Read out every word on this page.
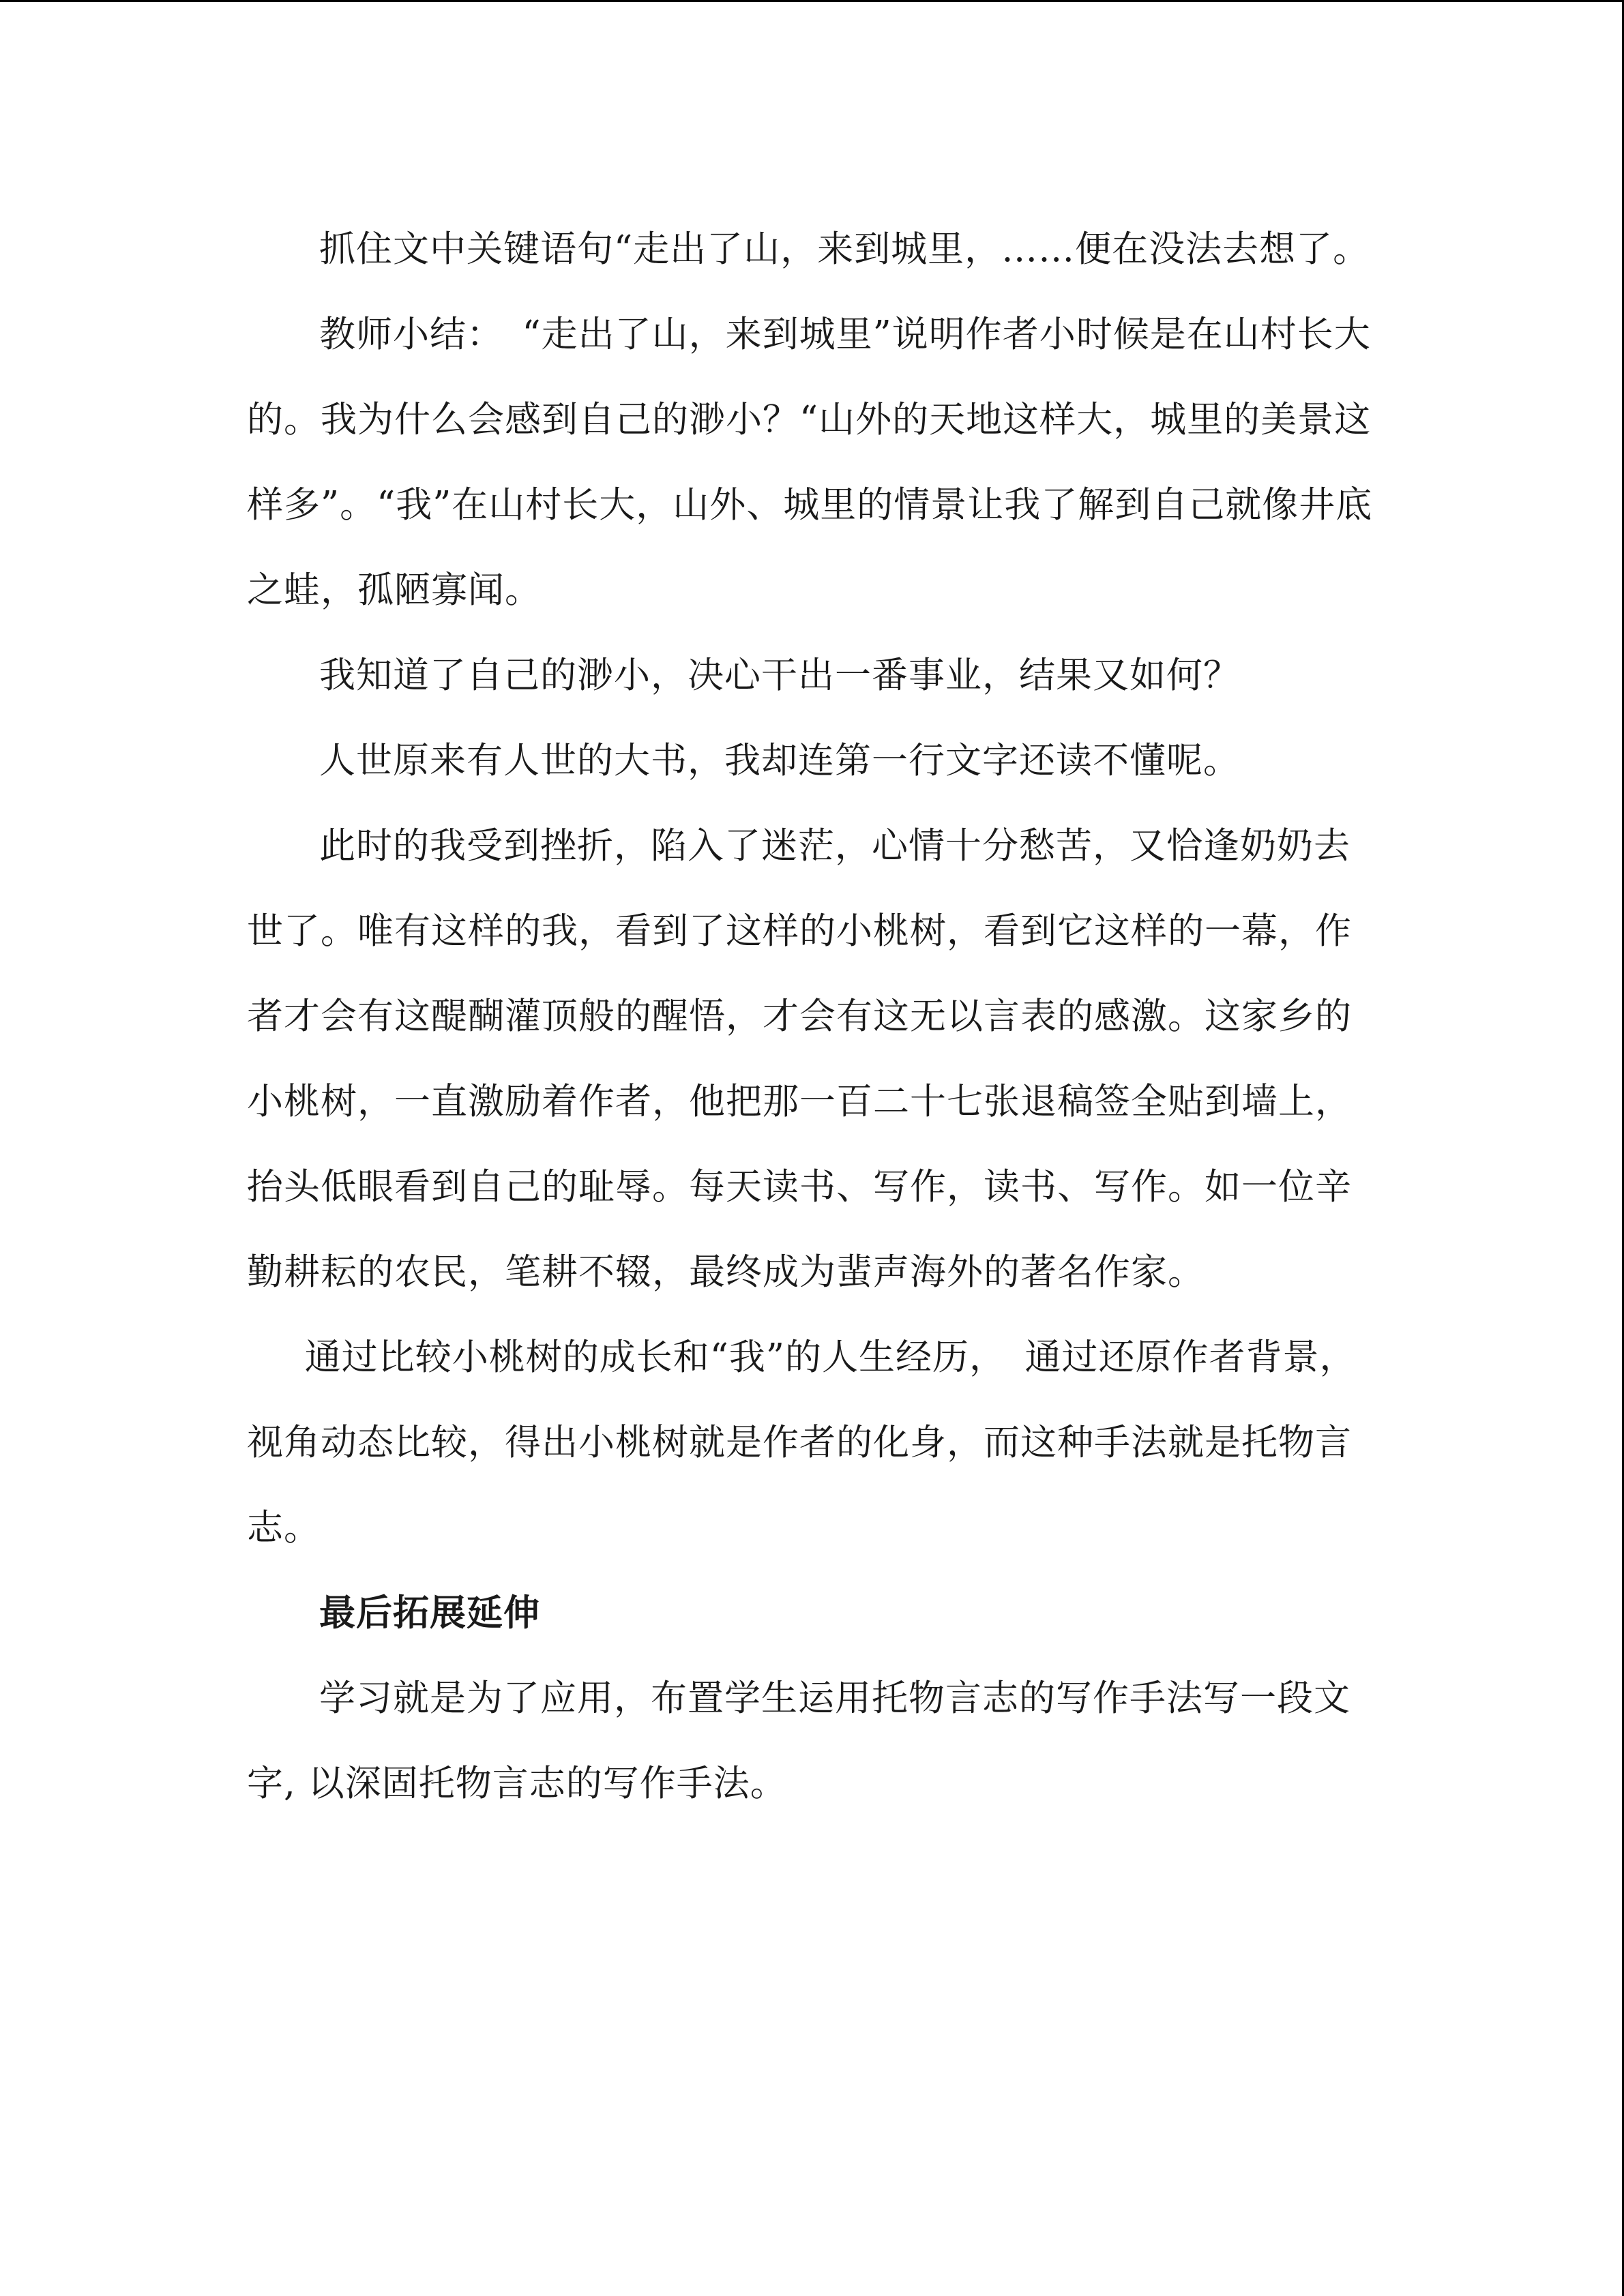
抓住文中关键语句“走出了山，来到城里，……便在没法去想了。

教师小结：　“走出了山，来到城里”说明作者小时候是在山村长大的。我为什么会感到自己的渺小？“山外的天地这样大，城里的美景这样多”。“我”在山村长大，山外、城里的情景让我了解到自己就像井底之蛙，孤陋寡闻。

我知道了自己的渺小，决心干出一番事业，结果又如何？

人世原来有人世的大书，我却连第一行文字还读不懂呢。

此时的我受到挫折，陷入了迷茫，心情十分愁苦，又恰逢奶奶去世了。唯有这样的我，看到了这样的小桃树，看到它这样的一幕，作者才会有这醍醐灌顶般的醒悟，才会有这无以言表的感激。这家乡的小桃树，一直激励着作者，他把那一百二十七张退稿签全贴到墙上，抬头低眼看到自己的耻辱。每天读书、写作，读书、写作。如一位辛勤耕耘的农民，笔耕不辍，最终成为蜚声海外的著名作家。

通过比较小桃树的成长和“我”的人生经历，　通过还原作者背景，视角动态比较，得出小桃树就是作者的化身，而这种手法就是托物言志。

最后拓展延伸

学习就是为了应用，布置学生运用托物言志的写作手法写一段文字, 以深固托物言志的写作手法。
